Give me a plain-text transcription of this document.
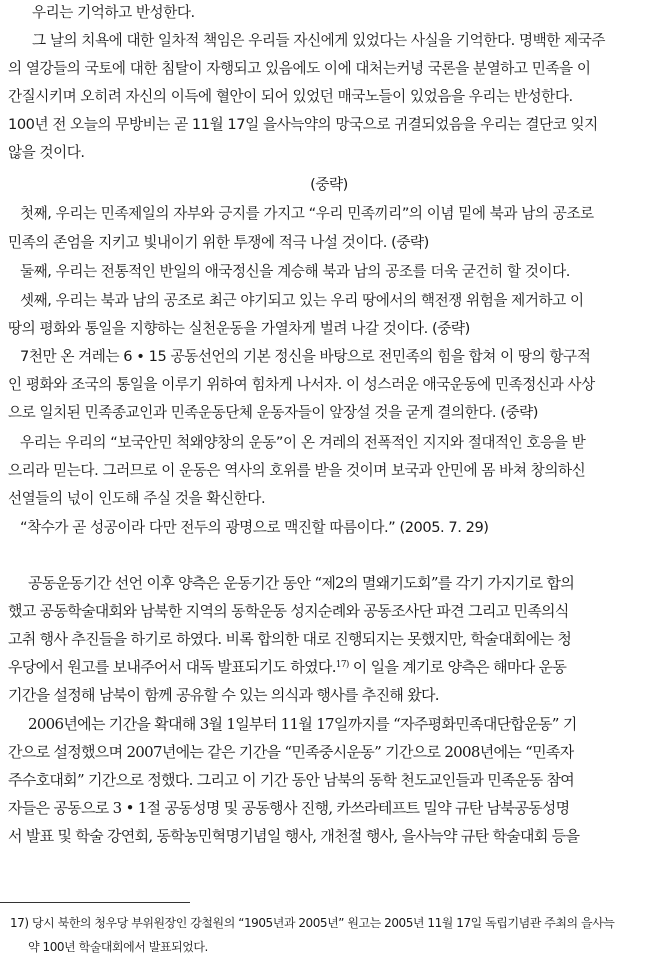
우리는 기억하고 반성한다.
그 날의 치욕에 대한 일차적 책임은 우리들 자신에게 있었다는 사실을 기억한다. 명백한 제국주
의 열강들의 국토에 대한 침탈이 자행되고 있음에도 이에 대처는커녕 국론을 분열하고 민족을 이
간질시키며 오히려 자신의 이득에 혈안이 되어 있었던 매국노들이 있었음을 우리는 반성한다.
100년 전 오늘의 무방비는 곧 11월 17일 을사늑약의 망국으로 귀결되었음을 우리는 결단코 잊지
않을 것이다.
(중략)
첫째, 우리는 민족제일의 자부와 긍지를 가지고 “우리 민족끼리”의 이념 밑에 북과 남의 공조로
민족의 존엄을 지키고 빛내이기 위한 투쟁에 적극 나설 것이다. (중략)
둘째, 우리는 전통적인 반일의 애국정신을 계승해 북과 남의 공조를 더욱 굳건히 할 것이다.
셋째, 우리는 북과 남의 공조로 최근 야기되고 있는 우리 땅에서의 핵전쟁 위험을 제거하고 이
땅의 평화와 통일을 지향하는 실천운동을 가열차게 벌려 나갈 것이다. (중략)
7천만 온 겨레는 6 • 15 공동선언의 기본 정신을 바탕으로 전민족의 힘을 합쳐 이 땅의 항구적
인 평화와 조국의 통일을 이루기 위하여 힘차게 나서자. 이 성스러운 애국운동에 민족정신과 사상
으로 일치된 민족종교인과 민족운동단체 운동자들이 앞장설 것을 굳게 결의한다. (중략)
우리는 우리의 “보국안민 척왜양창의 운동”이 온 겨레의 전폭적인 지지와 절대적인 호응을 받
으리라 믿는다. 그러므로 이 운동은 역사의 호위를 받을 것이며 보국과 안민에 몸 바쳐 창의하신
선열들의 넋이 인도해 주실 것을 확신한다.
“착수가 곧 성공이라 다만 전두의 광명으로 맥진할 따름이다.” (2005. 7. 29)
공동운동기간 선언 이후 양측은 운동기간 동안 “제2의 멸왜기도회”를 각기 가지기로 합의
했고 공동학술대회와 남북한 지역의 동학운동 성지순례와 공동조사단 파견 그리고 민족의식
고취 행사 추진들을 하기로 하였다. 비록 합의한 대로 진행되지는 못했지만, 학술대회에는 청
우당에서 원고를 보내주어서 대독 발표되기도 하였다.$^{17)}$ 이 일을 계기로 양측은 해마다 운동
기간을 설정해 남북이 함께 공유할 수 있는 의식과 행사를 추진해 왔다.
2006년에는 기간을 확대해 3월 1일부터 11월 17일까지를 “자주평화민족대단합운동” 기
간으로 설정했으며 2007년에는 같은 기간을 “민족중시운동” 기간으로 2008년에는 “민족자
주수호대회” 기간으로 정했다. 그리고 이 기간 동안 남북의 동학 천도교인들과 민족운동 참여
자들은 공동으로 3 • 1절 공동성명 및 공동행사 진행, 카쓰라테프트 밀약 규탄 남북공동성명
서 발표 및 학술 강연회, 동학농민혁명기념일 행사, 개천절 행사, 을사늑약 규탄 학술대회 등을
17) 당시 북한의 청우당 부위원장인 강철원의 “1905년과 2005년” 원고는 2005년 11월 17일 독립기념관 주최의 을사늑
약 100년 학술대회에서 발표되었다.
